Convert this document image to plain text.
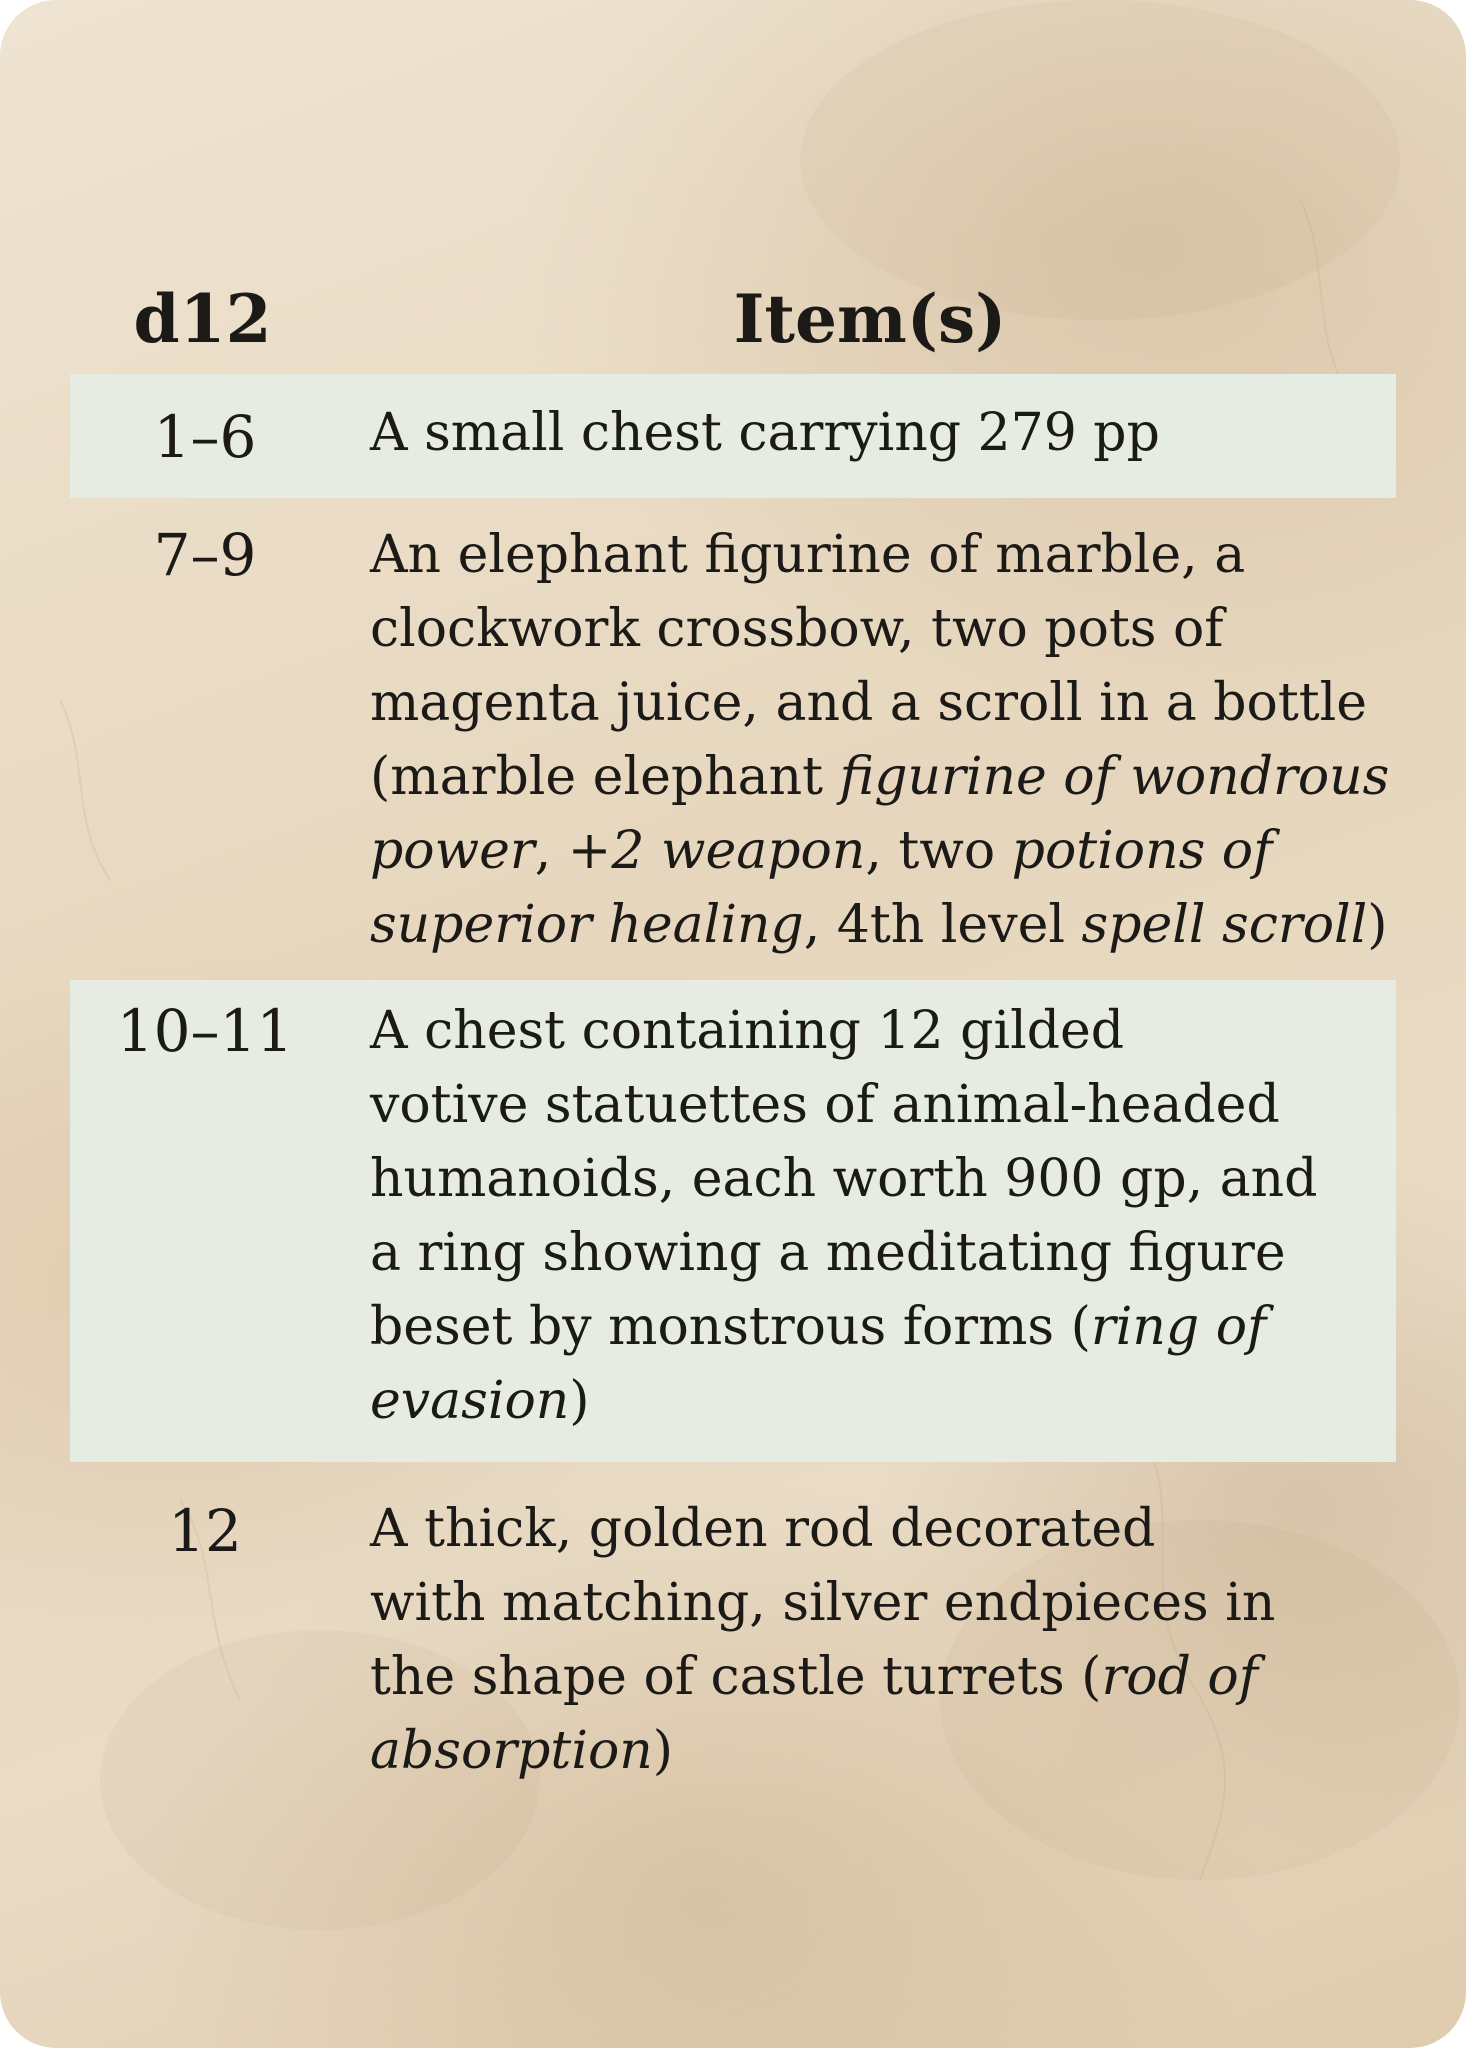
d12	Item(s)
1–6	A small chest carrying 279 pp
7–9	An elephant figurine of marble, a
clockwork crossbow, two pots of
magenta juice, and a scroll in a bottle
(marble elephant figurine of wondrous
power, +2 weapon, two potions of
superior healing, 4th level spell scroll)
10–11	A chest containing 12 gilded
votive statuettes of animal-headed
humanoids, each worth 900 gp, and
a ring showing a meditating figure
beset by monstrous forms (ring of
evasion)
12	A thick, golden rod decorated
with matching, silver endpieces in
the shape of castle turrets (rod of
absorption)
